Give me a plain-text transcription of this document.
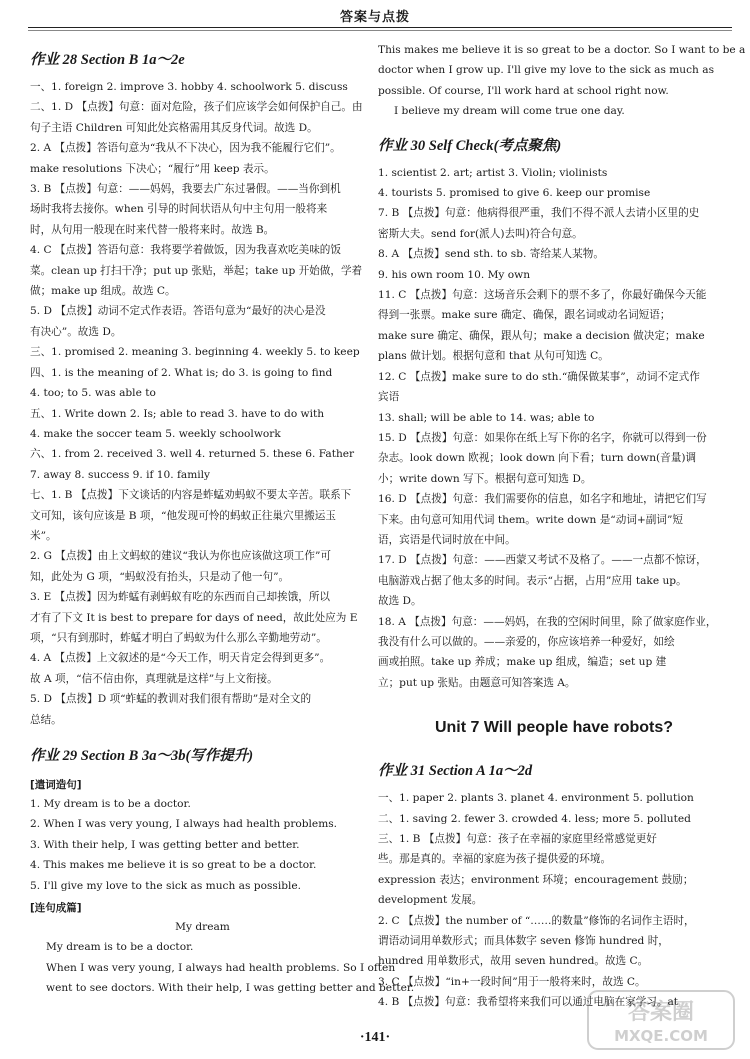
答案与点拨
作业 28 Section B 1a～2e

一、1. foreign 2. improve 3. hobby 4. schoolwork 5. discuss

二、1. D 【点拨】句意：面对危险，孩子们应该学会如何保护自己。由

句子主语 Children 可知此处宾格需用其反身代词。故选 D。

2. A 【点拨】答语句意为“我从不下决心，因为我不能履行它们”。

make resolutions 下决心；“履行”用 keep 表示。

3. B 【点拨】句意：——妈妈，我要去广东过暑假。——当你到机

场时我将去接你。when 引导的时间状语从句中主句用一般将来

时，从句用一般现在时来代替一般将来时。故选 B。

4. C 【点拨】答语句意：我将要学着做饭，因为我喜欢吃美味的饭

菜。clean up 打扫干净；put up 张贴，举起；take up 开始做，学着

做；make up 组成。故选 C。

5. D 【点拨】动词不定式作表语。答语句意为“最好的决心是没

有决心”。故选 D。

三、1. promised 2. meaning 3. beginning 4. weekly 5. to keep

四、1. is the meaning of 2. What is; do 3. is going to find

4. too; to 5. was able to

五、1. Write down 2. Is; able to read 3. have to do with

4. make the soccer team 5. weekly schoolwork

六、1. from 2. received 3. well 4. returned 5. these 6. Father

7. away 8. success 9. if 10. family

七、1. B 【点拨】下文谈话的内容是蚱蜢劝蚂蚁不要太辛苦。联系下

文可知，该句应该是 B 项，“他发现可怜的蚂蚁正往巢穴里搬运玉

米”。

2. G 【点拨】由上文蚂蚁的建议“我认为你也应该做这项工作”可

知，此处为 G 项，“蚂蚁没有抬头，只是动了他一句”。

3. E 【点拨】因为蚱蜢有剥蚂蚁有吃的东西而自己却挨饿，所以

才有了下文 It is best to prepare for days of need，故此处应为 E

项，“只有到那时，蚱蜢才明白了蚂蚁为什么那么辛勤地劳动”。

4. A 【点拨】上文叙述的是“今天工作，明天肯定会得到更多”。

故 A 项，“信不信由你，真理就是这样”与上文衔接。

5. D 【点拨】D 项“蚱蜢的教训对我们很有帮助”是对全文的

总结。

作业 29 Section B 3a～3b(写作提升)
[遣词造句]

1. My dream is to be a doctor.

2. When I was very young, I always had health problems.

3. With their help, I was getting better and better.

4. This makes me believe it is so great to be a doctor.

5. I'll give my love to the sick as much as possible.

[连句成篇]

My dream

My dream is to be a doctor.

When I was very young, I always had health problems. So I often

went to see doctors. With their help, I was getting better and better.

This makes me believe it is so great to be a doctor. So I want to be a

doctor when I grow up. I'll give my love to the sick as much as

possible. Of course, I'll work hard at school right now.

I believe my dream will come true one day.

作业 30 Self Check(考点聚焦)

1. scientist 2. art; artist 3. Violin; violinists

4. tourists 5. promised to give 6. keep our promise

7. B 【点拨】句意：他病得很严重，我们不得不派人去请小区里的史

密斯大夫。send for(派人)去叫)符合句意。

8. A 【点拨】send sth. to sb. 寄给某人某物。

9. his own room 10. My own

11. C 【点拨】句意：这场音乐会剩下的票不多了，你最好确保今天能

得到一张票。make sure 确定、确保，跟名词或动名词短语；

make sure 确定、确保，跟从句；make a decision 做决定；make

plans 做计划。根据句意和 that 从句可知选 C。

12. C 【点拨】make sure to do sth.“确保做某事”，动词不定式作

宾语

13. shall; will be able to 14. was; able to

15. D 【点拨】句意：如果你在纸上写下你的名字，你就可以得到一份

杂志。look down 欧视；look down 向下看；turn down(音量)调

小；write down 写下。根据句意可知选 D。

16. D 【点拨】句意：我们需要你的信息，如名字和地址，请把它们写

下来。由句意可知用代词 them。write down 是“动词+副词”短

语，宾语是代词时放在中间。

17. D 【点拨】句意：——西蒙又考试不及格了。——一点都不惊讶，

电脑游戏占据了他太多的时间。表示“占据，占用”应用 take up。

故选 D。

18. A 【点拨】句意：——妈妈，在我的空闲时间里，除了做家庭作业，

我没有什么可以做的。——亲爱的，你应该培养一种爱好，如绘

画或拍照。take up 养成；make up 组成，编造；set up 建

立；put up 张贴。由题意可知答案选 A。

Unit 7 Will people have robots?
作业 31 Section A 1a～2d

一、1. paper 2. plants 3. planet 4. environment 5. pollution

二、1. saving 2. fewer 3. crowded 4. less; more 5. polluted

三、1. B 【点拨】句意：孩子在幸福的家庭里经常感觉更好

些。那是真的。幸福的家庭为孩子提供爱的环境。

expression 表达；environment 环境；encouragement 鼓励；

development 发展。

2. C 【点拨】the number of “……的数量”修饰的名词作主语时，

谓语动词用单数形式；而具体数字 seven 修饰 hundred 时，

hundred 用单数形式，故用 seven hundred。故选 C。

3. C 【点拨】“in+一段时间”用于一般将来时，故选 C。

4. B 【点拨】句意：我希望将来我们可以通过电脑在家学习。at

·141·
答案圈
MXQE.COM
